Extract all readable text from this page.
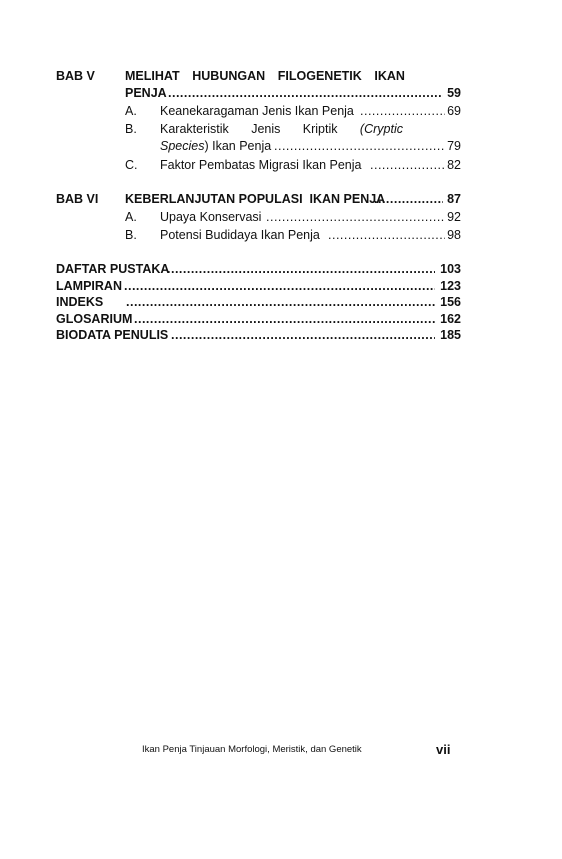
BAB V MELIHAT HUBUNGAN FILOGENETIK IKAN
PENJA .....	59
A. Keanekaragaman Jenis Ikan Penja .....	69
B. Karakteristik Jenis Kriptik (Cryptic
Species) Ikan Penja .....	79
C. Faktor Pembatas Migrasi Ikan Penja .....	82
BAB VI KEBERLANJUTAN POPULASI  IKAN PENJA .....	87
A. Upaya Konservasi .....	92
B. Potensi Budidaya Ikan Penja .....	98
DAFTAR PUSTAKA .....	103
LAMPIRAN .....	123
INDEKS .....	156
GLOSARIUM .....	162
BIODATA PENULIS .....	185
Ikan Penja Tinjauan Morfologi, Meristik, dan Genetik	vii
